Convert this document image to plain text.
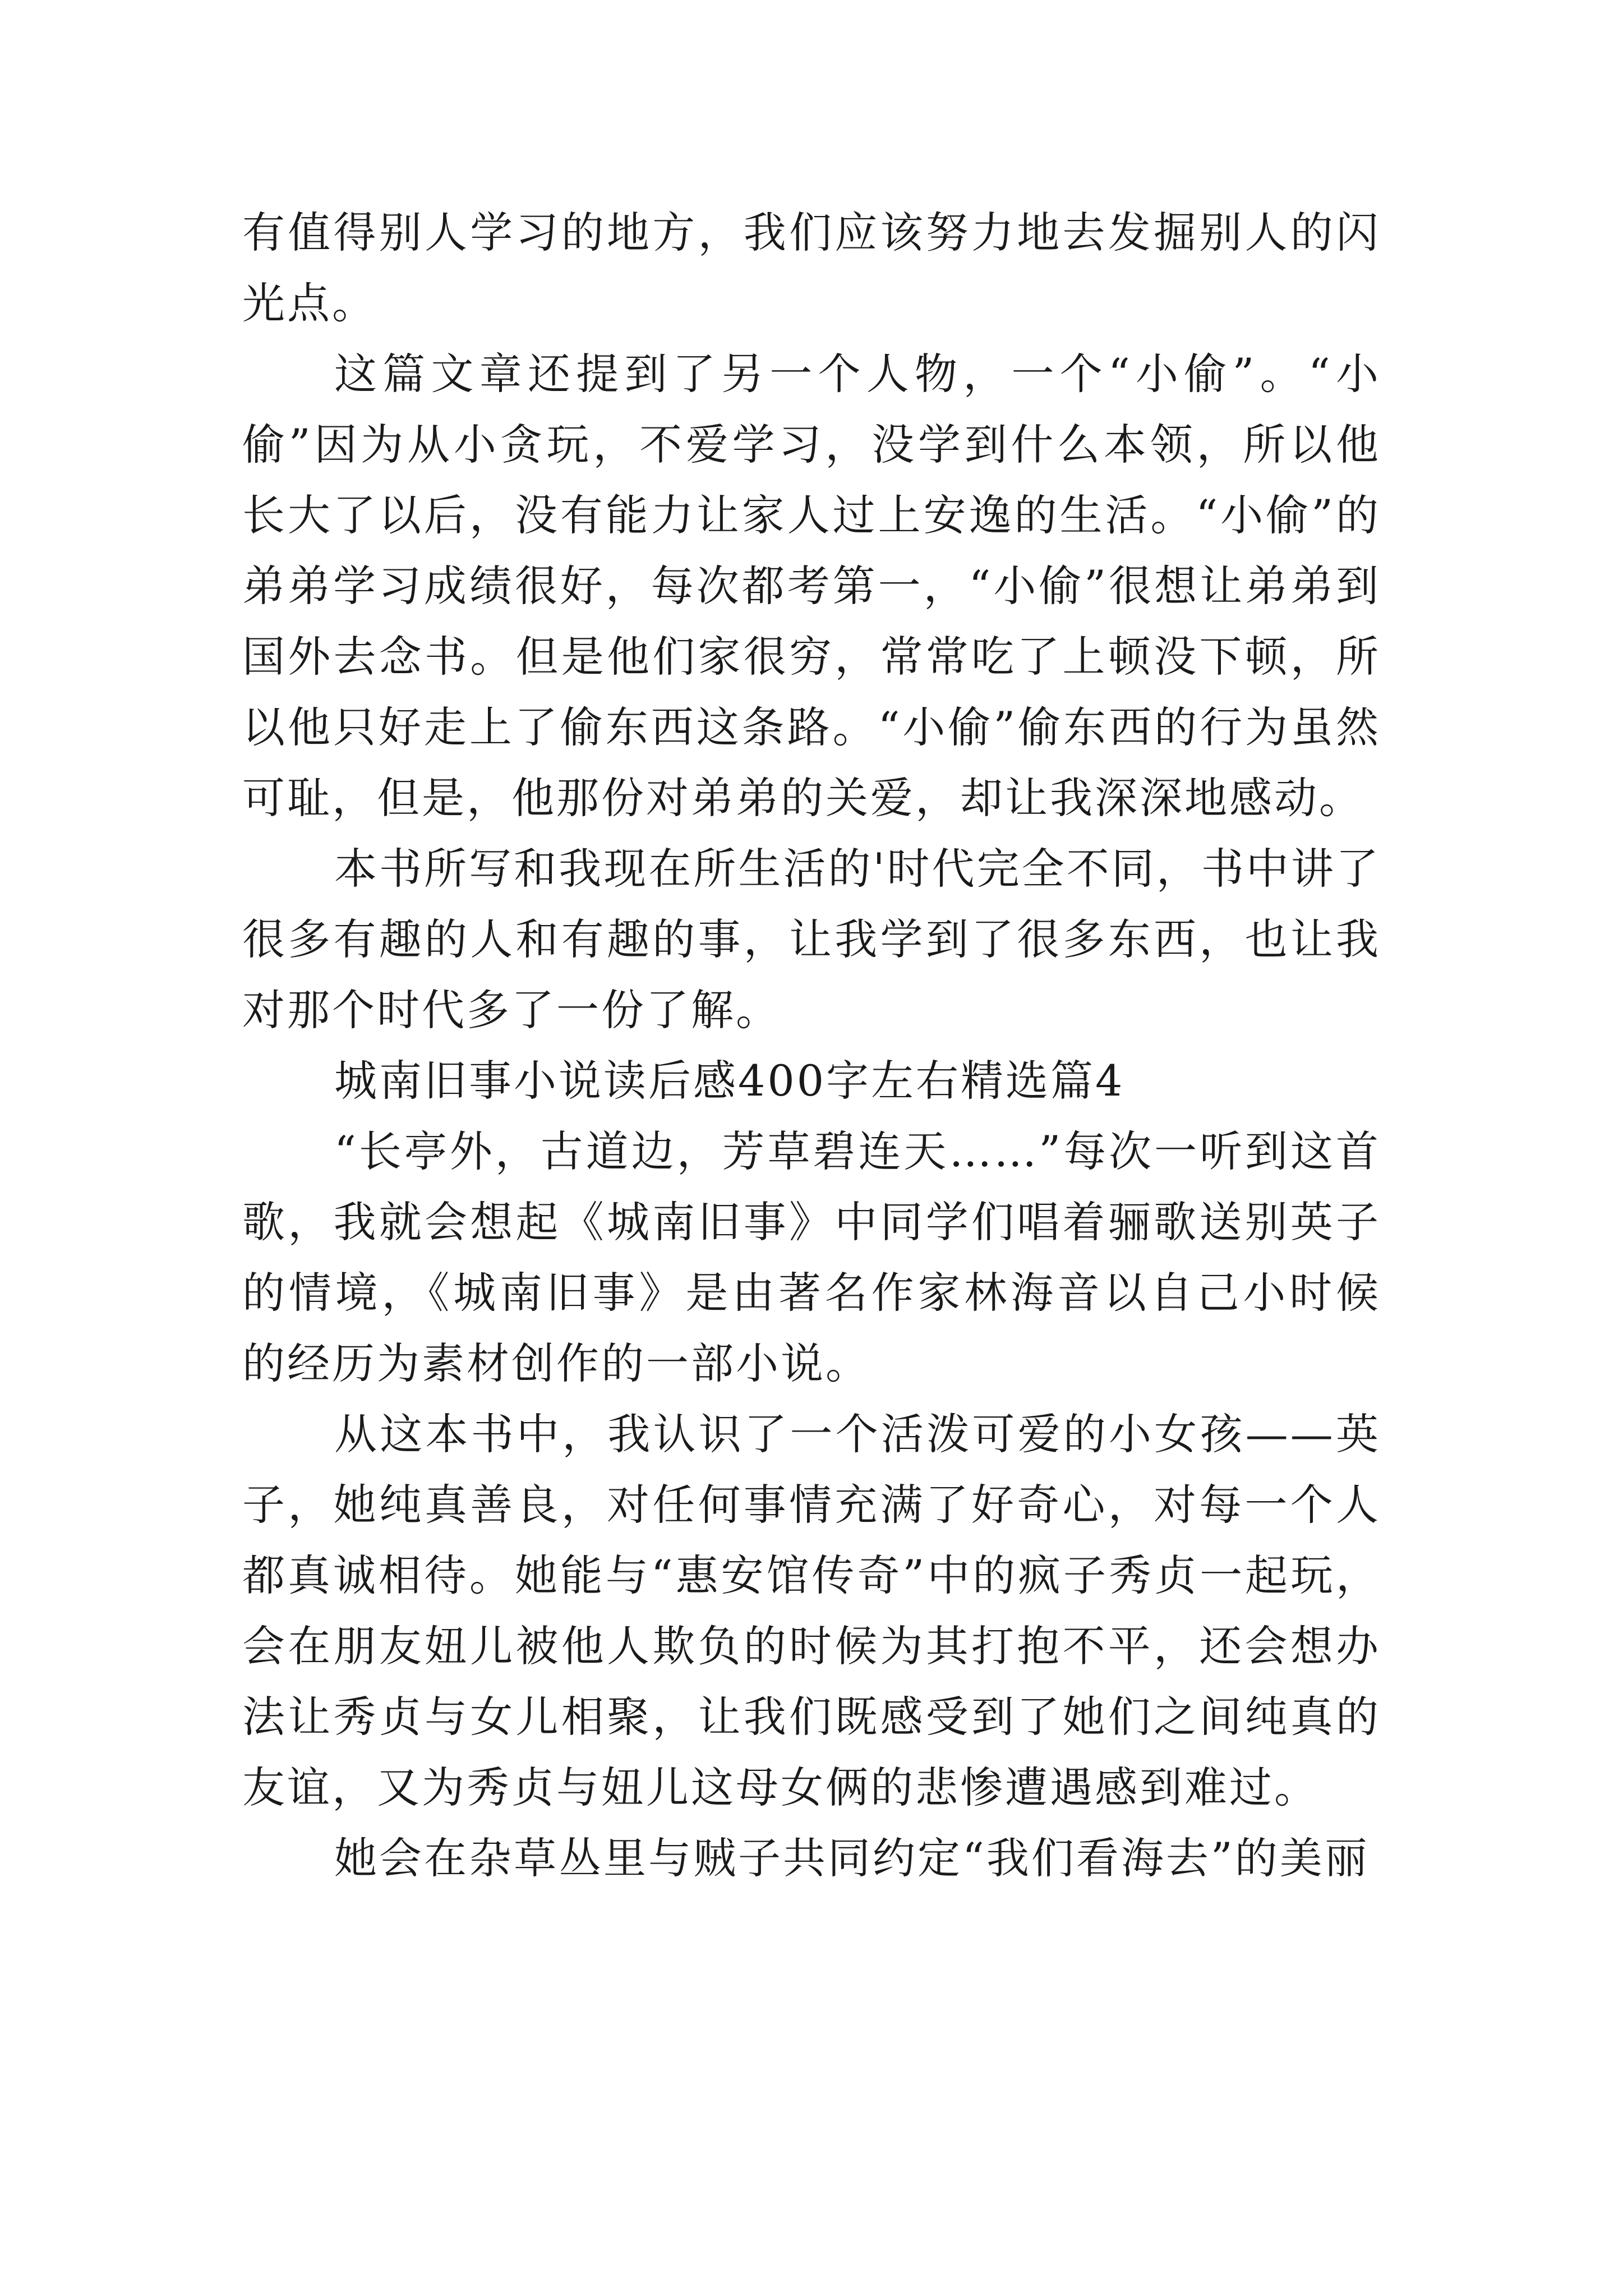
有值得别人学习的地方，我们应该努力地去发掘别人的闪光点。

这篇文章还提到了另一个人物，一个“小偷”。“小偷”因为从小贪玩，不爱学习，没学到什么本领，所以他长大了以后，没有能力让家人过上安逸的生活。“小偷”的弟弟学习成绩很好，每次都考第一，“小偷”很想让弟弟到国外去念书。但是他们家很穷，常常吃了上顿没下顿，所以他只好走上了偷东西这条路。“小偷”偷东西的行为虽然可耻，但是，他那份对弟弟的关爱，却让我深深地感动。

本书所写和我现在所生活的'时代完全不同，书中讲了很多有趣的人和有趣的事，让我学到了很多东西，也让我对那个时代多了一份了解。

城南旧事小说读后感400字左右精选篇4

“长亭外，古道边，芳草碧连天……”每次一听到这首歌，我就会想起《城南旧事》中同学们唱着骊歌送别英子的情境，《城南旧事》是由著名作家林海音以自己小时候的经历为素材创作的一部小说。

从这本书中，我认识了一个活泼可爱的小女孩——英子，她纯真善良，对任何事情充满了好奇心，对每一个人都真诚相待。她能与“惠安馆传奇”中的疯子秀贞一起玩，会在朋友妞儿被他人欺负的时候为其打抱不平，还会想办法让秀贞与女儿相聚，让我们既感受到了她们之间纯真的友谊，又为秀贞与妞儿这母女俩的悲惨遭遇感到难过。

她会在杂草丛里与贼子共同约定“我们看海去”的美丽
